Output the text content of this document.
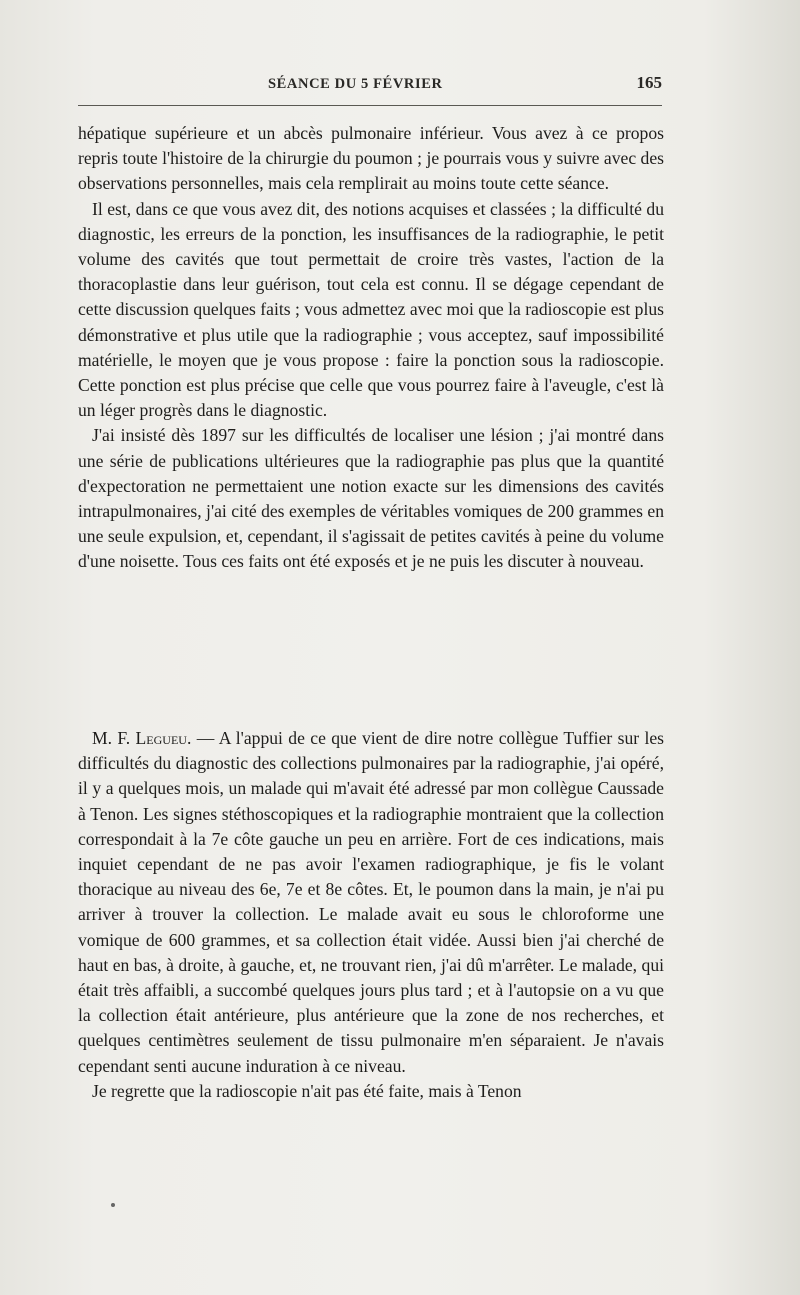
SÉANCE DU 5 FÉVRIER	165

hépatique supérieure et un abcès pulmonaire inférieur. Vous avez à ce propos repris toute l'histoire de la chirurgie du poumon ; je pourrais vous y suivre avec des observations personnelles, mais cela remplirait au moins toute cette séance.

Il est, dans ce que vous avez dit, des notions acquises et classées ; la difficulté du diagnostic, les erreurs de la ponction, les insuffisances de la radiographie, le petit volume des cavités que tout permettait de croire très vastes, l'action de la thoracoplastie dans leur guérison, tout cela est connu. Il se dégage cependant de cette discussion quelques faits ; vous admettez avec moi que la radioscopie est plus démonstrative et plus utile que la radiographie ; vous acceptez, sauf impossibilité matérielle, le moyen que je vous propose : faire la ponction sous la radioscopie. Cette ponction est plus précise que celle que vous pourrez faire à l'aveugle, c'est là un léger progrès dans le diagnostic.

J'ai insisté dès 1897 sur les difficultés de localiser une lésion ; j'ai montré dans une série de publications ultérieures que la radiographie pas plus que la quantité d'expectoration ne permettaient une notion exacte sur les dimensions des cavités intrapulmonaires, j'ai cité des exemples de véritables vomiques de 200 grammes en une seule expulsion, et, cependant, il s'agissait de petites cavités à peine du volume d'une noisette. Tous ces faits ont été exposés et je ne puis les discuter à nouveau.

M. F. Legueu. — A l'appui de ce que vient de dire notre collègue Tuffier sur les difficultés du diagnostic des collections pulmonaires par la radiographie, j'ai opéré, il y a quelques mois, un malade qui m'avait été adressé par mon collègue Caussade à Tenon. Les signes stéthoscopiques et la radiographie montraient que la collection correspondait à la 7e côte gauche un peu en arrière. Fort de ces indications, mais inquiet cependant de ne pas avoir l'examen radiographique, je fis le volant thoracique au niveau des 6e, 7e et 8e côtes. Et, le poumon dans la main, je n'ai pu arriver à trouver la collection. Le malade avait eu sous le chloroforme une vomique de 600 grammes, et sa collection était vidée. Aussi bien j'ai cherché de haut en bas, à droite, à gauche, et, ne trouvant rien, j'ai dû m'arrêter. Le malade, qui était très affaibli, a succombé quelques jours plus tard ; et à l'autopsie on a vu que la collection était antérieure, plus antérieure que la zone de nos recherches, et quelques centimètres seulement de tissu pulmonaire m'en séparaient. Je n'avais cependant senti aucune induration à ce niveau.

Je regrette que la radioscopie n'ait pas été faite, mais à Tenon
